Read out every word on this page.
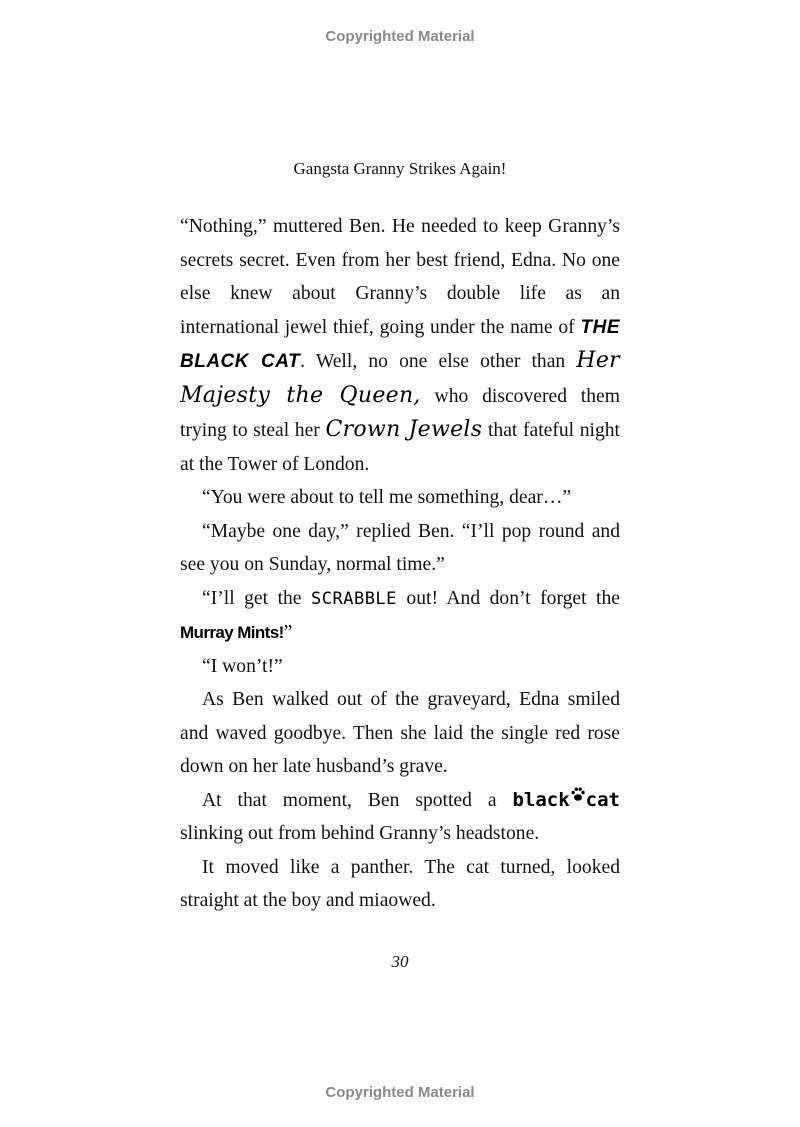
Copyrighted Material
Gangsta Granny Strikes Again!

“Nothing,” muttered Ben. He needed to keep Granny’s secrets secret. Even from her best friend, Edna. No one else knew about Granny’s double life as an international jewel thief, going under the name of THE BLACK CAT. Well, no one else other than Her Majesty the Queen, who discovered them trying to steal her Crown Jewels that fateful night at the Tower of London.

“You were about to tell me something, dear…”

“Maybe one day,” replied Ben. “I’ll pop round and see you on Sunday, normal time.”

“I’ll get the SCRABBLE out! And don’t forget the Murray Mints!”

“I won’t!”

As Ben walked out of the graveyard, Edna smiled and waved goodbye. Then she laid the single red rose down on her late husband’s grave.

At that moment, Ben spotted a black cat slinking out from behind Granny’s headstone.

It moved like a panther. The cat turned, looked straight at the boy and miaowed.

30
Copyrighted Material
